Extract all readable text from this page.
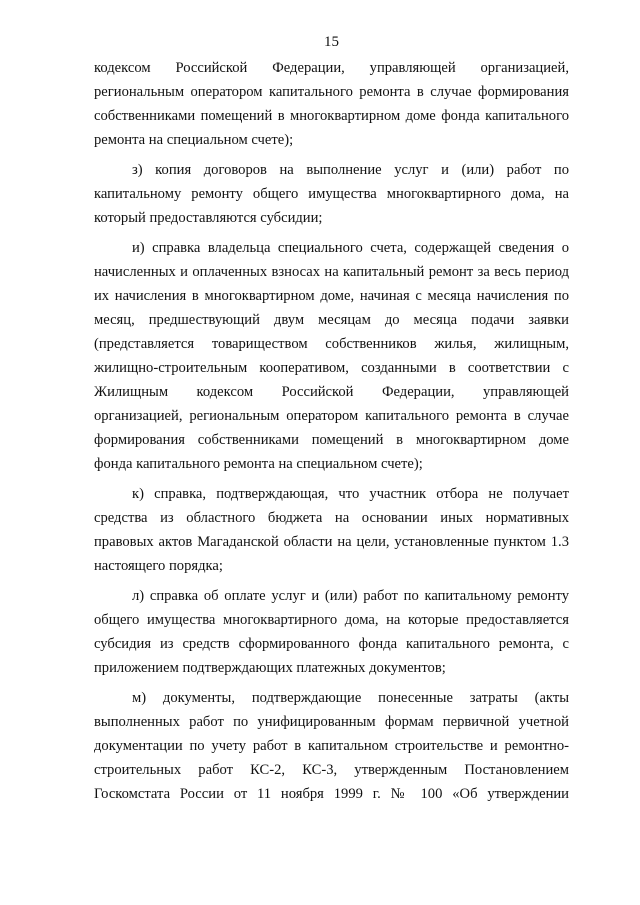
15

кодексом Российской Федерации, управляющей организацией,
региональным оператором капитального ремонта в случае формирования
собственниками помещений в многоквартирном доме фонда капитального
ремонта на специальном счете);

з) копия договоров на выполнение услуг и (или) работ по
капитальному ремонту общего имущества многоквартирного дома, на
который предоставляются субсидии;

и) справка владельца специального счета, содержащей сведения о
начисленных и оплаченных взносах на капитальный ремонт за весь период
их начисления в многоквартирном доме, начиная с месяца начисления по
месяц, предшествующий двум месяцам до месяца подачи заявки
(представляется товариществом собственников жилья, жилищным,
жилищно-строительным кооперативом, созданными в соответствии с
Жилищным кодексом Российской Федерации, управляющей
организацией, региональным оператором капитального ремонта в случае
формирования собственниками помещений в многоквартирном доме
фонда капитального ремонта на специальном счете);

к) справка, подтверждающая, что участник отбора не получает
средства из областного бюджета на основании иных нормативных
правовых актов Магаданской области на цели, установленные пунктом 1.3
настоящего порядка;

л) справка об оплате услуг и (или) работ по капитальному ремонту
общего имущества многоквартирного дома, на которые предоставляется
субсидия из средств сформированного фонда капитального ремонта, с
приложением подтверждающих платежных документов;

м) документы, подтверждающие понесенные затраты (акты
выполненных работ по унифицированным формам первичной учетной
документации по учету работ в капитальном строительстве и ремонтно-
строительных работ КС-2, КС-3, утвержденным Постановлением
Госкомстата России от 11 ноября 1999 г. № 100 «Об утверждении
